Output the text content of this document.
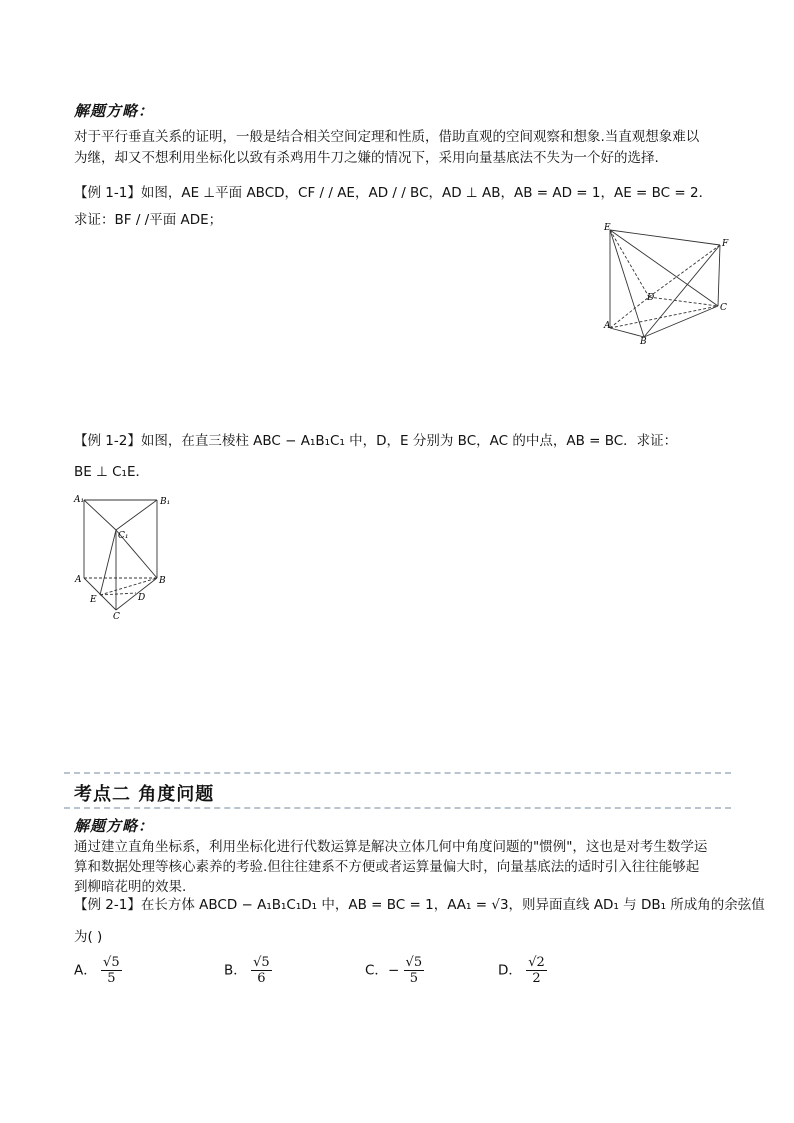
解题方略：
对于平行垂直关系的证明，一般是结合相关空间定理和性质，借助直观的空间观察和想象.当直观想象难以
为继，却又不想利用坐标化以致有杀鸡用牛刀之嫌的情况下，采用向量基底法不失为一个好的选择.
【例 1-1】如图，AE ⊥平面 ABCD，CF / / AE，AD / / BC，AD ⊥ AB，AB = AD = 1，AE = BC = 2．
求证：BF / /平面 ADE；	E
F
D
C
A
B
【例 1-2】如图，在直三棱柱 ABC − A₁B₁C₁ 中，D，E 分别为 BC，AC 的中点，AB = BC．求证：
BE ⊥ C₁E．
A₁	B₁
C₁
A	B
E	D
C
考点二 角度问题
解题方略：
通过建立直角坐标系，利用坐标化进行代数运算是解决立体几何中角度问题的"惯例"，这也是对考生数学运
算和数据处理等核心素养的考验.但往往建系不方便或者运算量偏大时，向量基底法的适时引入往往能够起
到柳暗花明的效果.
【例 2-1】在长方体 ABCD − A₁B₁C₁D₁ 中，AB = BC = 1，AA₁ = √3，则异面直线 AD₁ 与 DB₁ 所成角的余弦值
为( )
A． $\frac{√5}{5}$	B． $\frac{√5}{6}$	C．− $\frac{√5}{5}$	D． $\frac{√2}{2}$
